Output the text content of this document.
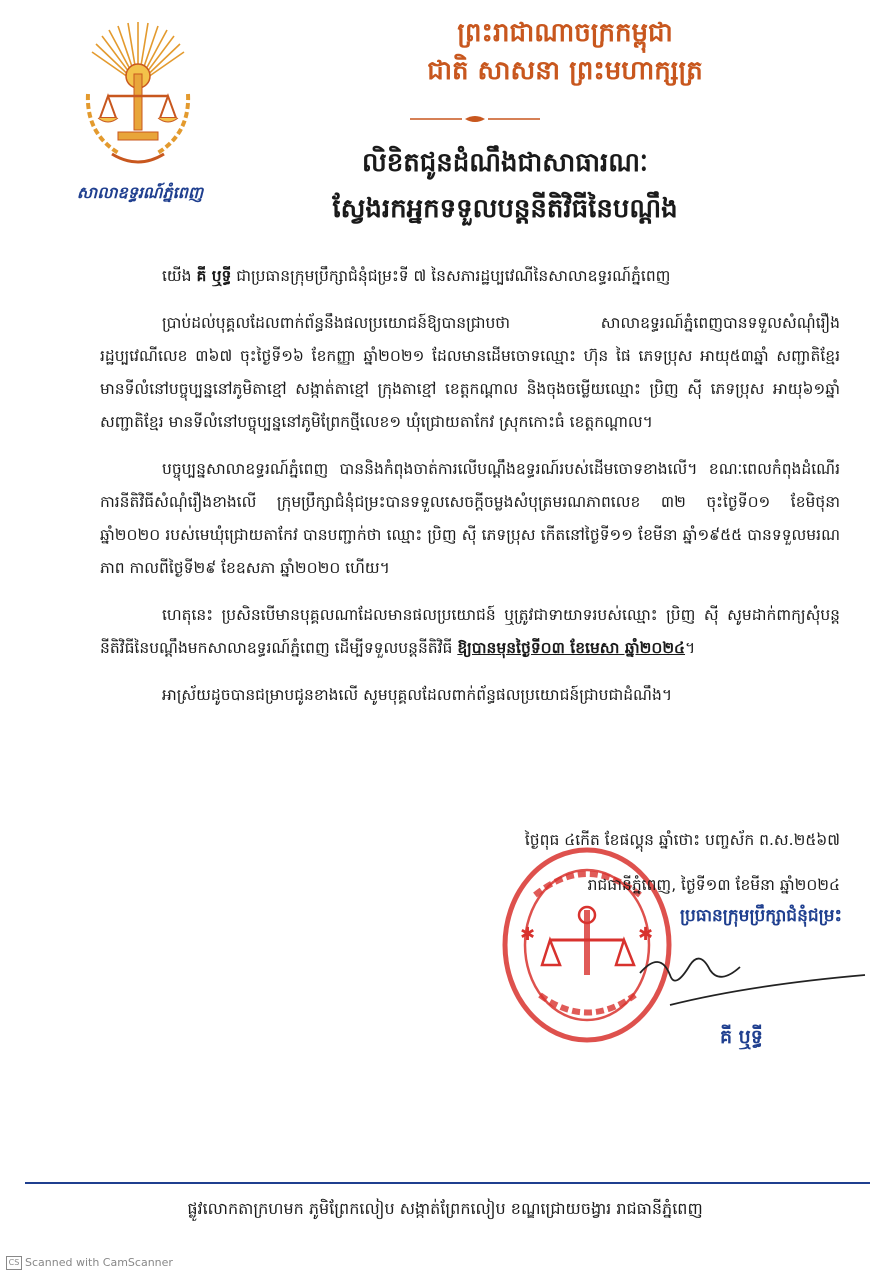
សាលាឧទ្ធរណ៍ភ្នំពេញ
ព្រះរាជាណាចក្រកម្ពុជា
ជាតិ សាសនា ព្រះមហាក្សត្រ
លិខិតជូនដំណឹងជាសាធារណៈ
ស្វែងរកអ្នកទទួលបន្តនីតិវិធីនៃបណ្តឹង

យើង គី ឬទ្ធី ជាប្រធានក្រុមប្រឹក្សាជំនុំជម្រះទី ៧ នៃសភារដ្ឋប្បវេណីនៃសាលាឧទ្ធរណ៍ភ្នំពេញ

ប្រាប់ដល់បុគ្គលដែលពាក់ព័ន្ធនឹងផលប្រយោជន៍ឱ្យបានជ្រាបថា សាលាឧទ្ធរណ៍ភ្នំពេញបានទទួលសំណុំរឿងរដ្ឋប្បវេណីលេខ ៣៦៧ ចុះថ្ងៃទី១៦ ខែកញ្ញា ឆ្នាំ២០២១ ដែលមានដើមចោទឈ្មោះ ហ៊ុន ផៃ ភេទប្រុស អាយុ៥៣ឆ្នាំ សញ្ជាតិខ្មែរ មានទីលំនៅបច្ចុប្បន្ននៅភូមិតាខ្មៅ សង្កាត់តាខ្មៅ ក្រុងតាខ្មៅ ខេត្តកណ្តាល និងចុងចម្លើយឈ្មោះ ប្រិញ សុី ភេទប្រុស អាយុ៦១ឆ្នាំ សញ្ជាតិខ្មែរ មានទីលំនៅបច្ចុប្បន្ននៅភូមិព្រែកថ្មីលេខ១ ឃុំជ្រោយតាកែវ ស្រុកកោះធំ ខេត្តកណ្តាល។

បច្ចុប្បន្នសាលាឧទ្ធរណ៍ភ្នំពេញ បាននិងកំពុងចាត់ការលើបណ្តឹងឧទ្ធរណ៍របស់ដើមចោទខាងលើ។ ខណៈពេលកំពុងដំណើរការនីតិវិធីសំណុំរឿងខាងលើ ក្រុមប្រឹក្សាជំនុំជម្រះបានទទួលសេចក្តីចម្លងសំបុត្រមរណភាពលេខ ៣២ ចុះថ្ងៃទី០១ ខែមិថុនា ឆ្នាំ២០២០ របស់មេឃុំជ្រោយតាកែវ បានបញ្ជាក់ថា ឈ្មោះ ប្រិញ សុី ភេទប្រុស កើតនៅថ្ងៃទី១១ ខែមីនា ឆ្នាំ១៩៥៥ បានទទួលមរណភាព កាលពីថ្ងៃទី២៩ ខែឧសភា ឆ្នាំ២០២០ ហើយ។

ហេតុនេះ ប្រសិនបើមានបុគ្គលណាដែលមានផលប្រយោជន៍ ឬត្រូវជាទាយាទរបស់ឈ្មោះ ប្រិញ សុី សូមដាក់ពាក្យសុំបន្តនីតិវិធីនៃបណ្តឹងមកសាលាឧទ្ធរណ៍ភ្នំពេញ ដើម្បីទទួលបន្តនីតិវិធី ឱ្យបានមុនថ្ងៃទី០៣ ខែមេសា ឆ្នាំ២០២៤។

អាស្រ័យដូចបានជម្រាបជូនខាងលើ សូមបុគ្គលដែលពាក់ព័ន្ធផលប្រយោជន៍ជ្រាបជាដំណឹង។

ថ្ងៃពុធ ៤កើត ខែផល្គុន ឆ្នាំថោះ បញ្ចស័ក ព.ស.២៥៦៧
✱	✱
រាជធានីភ្នំពេញ, ថ្ងៃទី១៣ ខែមីនា ឆ្នាំ២០២៤
ប្រធានក្រុមប្រឹក្សាជំនុំជម្រះ
គី ឬទ្ធី
ផ្លូវលោកតាក្រហមក ភូមិព្រែកលៀប សង្កាត់ព្រែកលៀប ខណ្ឌជ្រោយចង្វារ រាជធានីភ្នំពេញ
CS Scanned with CamScanner
